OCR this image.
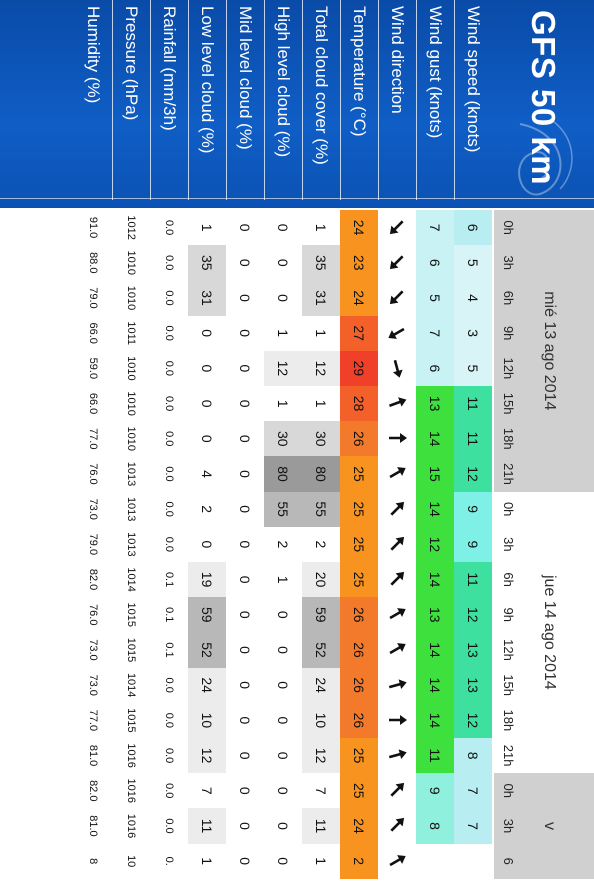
GFS 50 km
Wind speed (knots)
Wind gust (knots)
Wind direction
Temperature (°C)
Total cloud cover (%)
High level cloud (%)
Mid level cloud (%)
Low level cloud (%)
Rainfall (mm/3h)
Pressure (hPa)
Humidity (%)
mié 13 ago 2014
jue 14 ago 2014
v
0h
3h
6h
9h
12h
15h
18h
21h
0h
3h
6h
9h
12h
15h
18h
21h
0h
3h
6
6
7
24
1
0
0
1
0.0
1012
91.0
5
6
23
35
0
0
35
0.0
1010
88.0
4
5
24
31
0
0
31
0.0
1010
79.0
3
7
27
1
1
0
0
0.0
1011
66.0
5
6
29
12
12
0
0
0.0
1010
59.0
11
13
28
1
1
0
0
0.0
1010
66.0
11
14
26
30
30
0
0
0.0
1010
77.0
12
15
25
80
80
0
4
0.0
1013
76.0
9
14
25
55
55
0
2
0.0
1013
73.0
9
12
25
2
2
0
0
0.0
1013
79.0
11
14
25
20
1
0
19
0.1
1014
82.0
12
13
26
59
0
0
59
0.1
1015
76.0
13
14
26
52
0
0
52
0.1
1015
73.0
13
14
26
24
0
0
24
0.0
1014
73.0
12
14
26
10
0
0
10
0.0
1015
77.0
8
11
25
12
0
0
12
0.0
1016
81.0
7
9
25
7
0
0
7
0.0
1016
82.0
7
8
24
11
0
0
11
0.0
1016
81.0
2
1
0
0
1
0.
10
8
